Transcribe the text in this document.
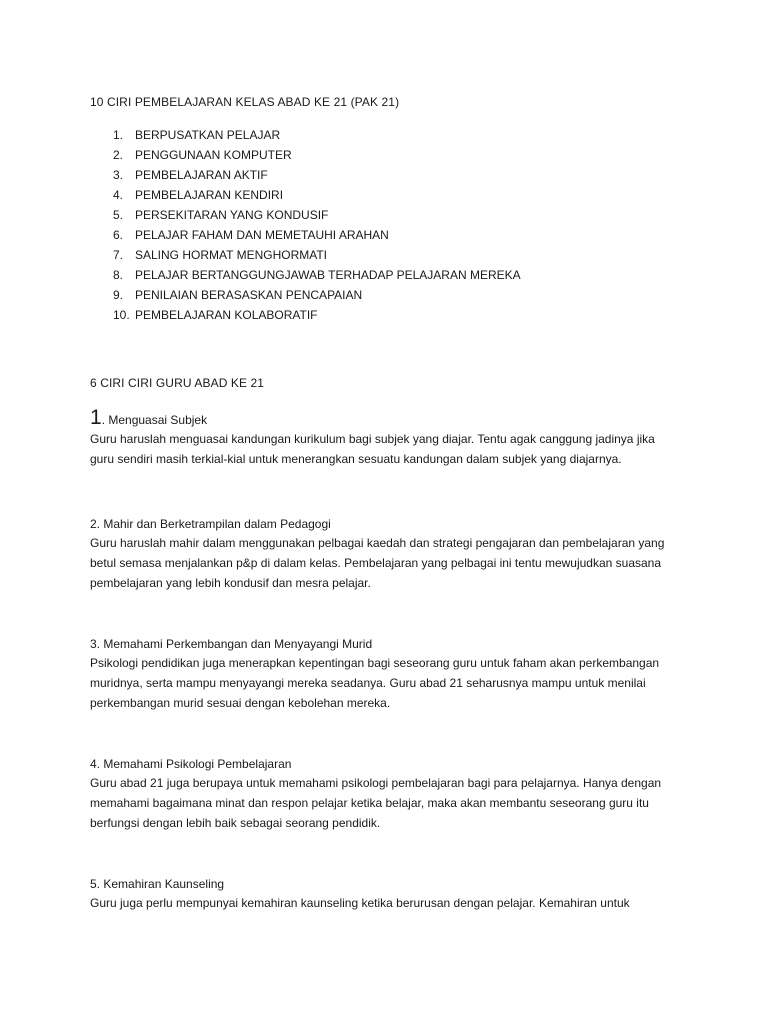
10 CIRI PEMBELAJARAN KELAS ABAD KE 21 (PAK 21)
1. BERPUSATKAN PELAJAR
2. PENGGUNAAN KOMPUTER
3. PEMBELAJARAN AKTIF
4. PEMBELAJARAN KENDIRI
5. PERSEKITARAN YANG KONDUSIF
6. PELAJAR FAHAM DAN MEMETAUHI ARAHAN
7. SALING HORMAT MENGHORMATI
8. PELAJAR BERTANGGUNGJAWAB TERHADAP PELAJARAN MEREKA
9. PENILAIAN BERASASKAN PENCAPAIAN
10. PEMBELAJARAN KOLABORATIF
6 CIRI CIRI GURU ABAD KE 21
1. Menguasai Subjek

Guru haruslah menguasai kandungan kurikulum bagi subjek yang diajar. Tentu agak canggung jadinya jika guru sendiri masih terkial-kial untuk menerangkan sesuatu kandungan dalam subjek yang diajarnya.

2. Mahir dan Berketrampilan dalam Pedagogi

Guru haruslah mahir dalam menggunakan pelbagai kaedah dan strategi pengajaran dan pembelajaran yang betul semasa menjalankan p&p di dalam kelas. Pembelajaran yang pelbagai ini tentu mewujudkan suasana pembelajaran yang lebih kondusif dan mesra pelajar.

3. Memahami Perkembangan dan Menyayangi Murid

Psikologi pendidikan juga menerapkan kepentingan bagi seseorang guru untuk faham akan perkembangan muridnya, serta mampu menyayangi mereka seadanya. Guru abad 21 seharusnya mampu untuk menilai perkembangan murid sesuai dengan kebolehan mereka.

4. Memahami Psikologi Pembelajaran

Guru abad 21 juga berupaya untuk memahami psikologi pembelajaran bagi para pelajarnya. Hanya dengan memahami bagaimana minat dan respon pelajar ketika belajar, maka akan membantu seseorang guru itu berfungsi dengan lebih baik sebagai seorang pendidik.

5. Kemahiran Kaunseling

Guru juga perlu mempunyai kemahiran kaunseling ketika berurusan dengan pelajar. Kemahiran untuk
